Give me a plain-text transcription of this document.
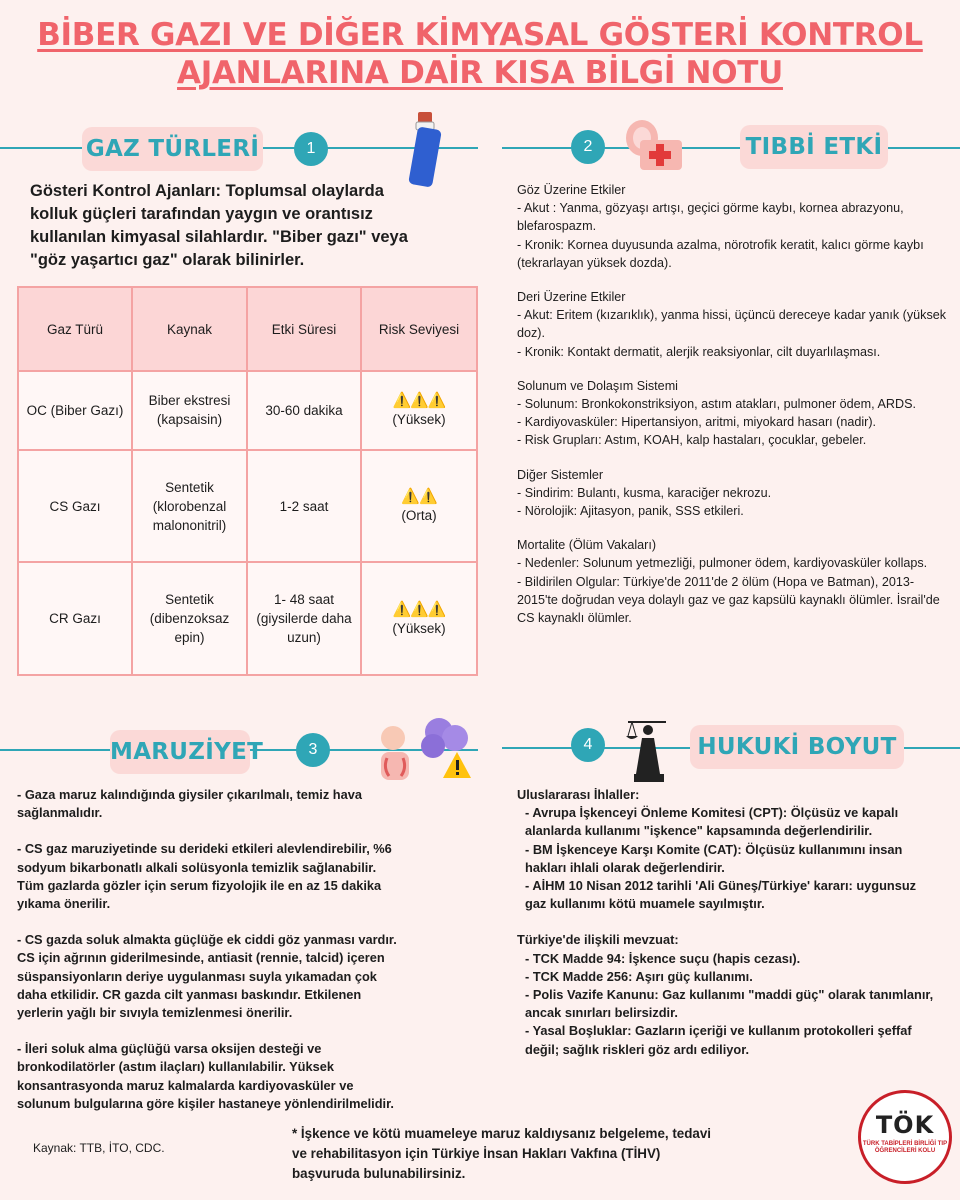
BİBER GAZI VE DİĞER KİMYASAL GÖSTERİ KONTROL
AJANLARINA DAİR KISA BİLGİ NOTU
GAZ TÜRLERİ	1	2	TIBBİ ETKİ
Gösteri Kontrol Ajanları: Toplumsal olaylarda kolluk güçleri tarafından yaygın ve orantısız kullanılan kimyasal silahlardır. "Biber gazı" veya "göz yaşartıcı gaz" olarak bilinirler.
Gaz Türü	Kaynak	Etki Süresi	Risk Seviyesi
OC (Biber Gazı)	Biber ekstresi (kapsaisin)	30-60 dakika	⚠️⚠️⚠️
(Yüksek)
CS Gazı	Sentetik (klorobenzal malononitril)	1-2 saat	⚠️⚠️
(Orta)
CR Gazı	Sentetik (dibenzoksaz epin)	1- 48 saat (giysilerde daha uzun)	⚠️⚠️⚠️
(Yüksek)

Göz Üzerine Etkiler

- Akut : Yanma, gözyaşı artışı, geçici görme kaybı, kornea abrazyonu, blefarospazm.

- Kronik: Kornea duyusunda azalma, nörotrofik keratit, kalıcı görme kaybı (tekrarlayan yüksek dozda).

Deri Üzerine Etkiler

- Akut: Eritem (kızarıklık), yanma hissi, üçüncü dereceye kadar yanık (yüksek doz).

- Kronik: Kontakt dermatit, alerjik reaksiyonlar, cilt duyarlılaşması.

Solunum ve Dolaşım Sistemi

- Solunum: Bronkokonstriksiyon, astım atakları, pulmoner ödem, ARDS.

- Kardiyovasküler: Hipertansiyon, aritmi, miyokard hasarı (nadir).

- Risk Grupları: Astım, KOAH, kalp hastaları, çocuklar, gebeler.

Diğer Sistemler

- Sindirim: Bulantı, kusma, karaciğer nekrozu.

- Nörolojik: Ajitasyon, panik, SSS etkileri.

Mortalite (Ölüm Vakaları)

- Nedenler: Solunum yetmezliği, pulmoner ödem, kardiyovasküler kollaps.

- Bildirilen Olgular: Türkiye'de 2011'de 2 ölüm (Hopa ve Batman), 2013-2015'te doğrudan veya dolaylı gaz ve gaz kapsülü kaynaklı ölümler. İsrail'de CS kaynaklı ölümler.

MARUZİYET	3	4	HUKUKİ BOYUT

- Gaza maruz kalındığında giysiler çıkarılmalı, temiz hava sağlanmalıdır.

- CS gaz maruziyetinde su derideki etkileri alevlendirebilir, %6 sodyum bikarbonatlı alkali solüsyonla temizlik sağlanabilir. Tüm gazlarda gözler için serum fizyolojik ile en az 15 dakika yıkama önerilir.

- CS gazda soluk almakta güçlüğe ek ciddi göz yanması vardır. CS için ağrının giderilmesinde, antiasit (rennie, talcid) içeren süspansiyonların deriye uygulanması suyla yıkamadan çok daha etkilidir. CR gazda cilt yanması baskındır. Etkilenen yerlerin yağlı bir sıvıyla temizlenmesi önerilir.

- İleri soluk alma güçlüğü varsa oksijen desteği ve bronkodilatörler (astım ilaçları) kullanılabilir. Yüksek konsantrasyonda maruz kalmalarda kardiyovasküler ve solunum bulgularına göre kişiler hastaneye yönlendirilmelidir.

Uluslararası İhlaller:

- Avrupa İşkenceyi Önleme Komitesi (CPT): Ölçüsüz ve kapalı alanlarda kullanımı "işkence" kapsamında değerlendirilir.

- BM İşkenceye Karşı Komite (CAT): Ölçüsüz kullanımını insan hakları ihlali olarak değerlendirir.

- AİHM 10 Nisan 2012 tarihli 'Ali Güneş/Türkiye' kararı: uygunsuz gaz kullanımı kötü muamele sayılmıştır.

Türkiye'de ilişkili mevzuat:

- TCK Madde 94: İşkence suçu (hapis cezası).

- TCK Madde 256: Aşırı güç kullanımı.

- Polis Vazife Kanunu: Gaz kullanımı "maddi güç" olarak tanımlanır, ancak sınırları belirsizdir.

- Yasal Boşluklar: Gazların içeriği ve kullanım protokolleri şeffaf değil; sağlık riskleri göz ardı ediliyor.

Kaynak: TTB, İTO, CDC.
* İşkence ve kötü muameleye maruz kaldıysanız belgeleme, tedavi ve rehabilitasyon için Türkiye İnsan Hakları Vakfına (TİHV) başvuruda bulunabilirsiniz.
TÖK
TÜRK TABİPLERİ BİRLİĞİ TIP ÖĞRENCİLERİ KOLU
